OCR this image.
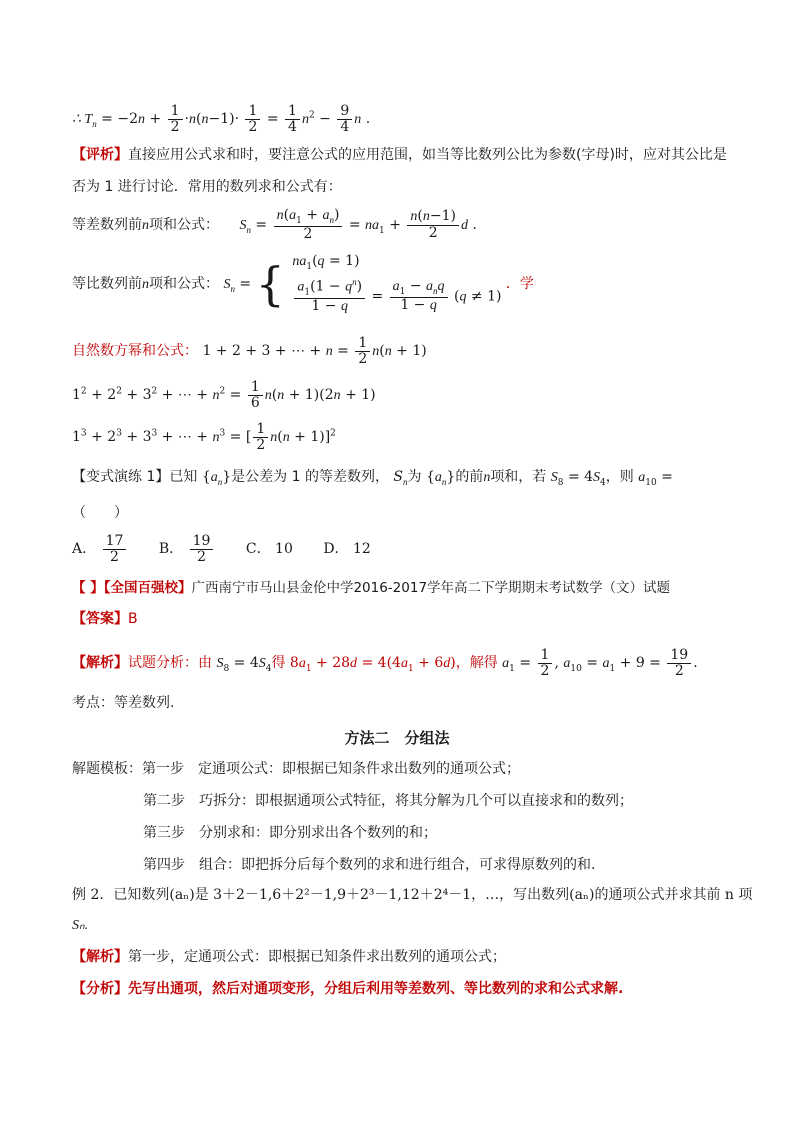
∴ $T_n = -2n + \frac{1}{2} \cdot n(n-1)\cdot \frac{1}{2} = \frac{1}{4} n^2 - \frac{9}{4}$ n .
【评析】直接应用公式求和时，要注意公式的应用范围，如当等比数列公比为参数(字母)时，应对其公比是
否为 1 进行讨论．常用的数列求和公式有：
等差数列前n项和公式： $S_n = \frac{n(a_1 + a_n)}{2} = na_1 + \frac{n(n-1)}{2}$ d ．
等比数列前n项和公式： $S_n$ = { $na_1(q = 1)$
$\frac{a_1(1 - q^n)}{1 - q} = \frac{a_1 - a_nq}{1 - q} (q \ne 1)$
．学
自然数方幂和公式： 1 + 2 + 3 + ⋯ + $n = \frac{1}{2} n(n + 1)$
$1^2 + 2^2 + 3^2$ + ⋯ + $n^2 = \frac{1}{6} n(n + 1)(2n + 1)$
$1^3 + 2^3 + 3^3$ + ⋯ + $n^3$ = [ $\frac{1}{2} n(n + 1)]^2$
【变式演练 1】已知 $\{a_n\}$是公差为 1 的等差数列， $S_n$为 $\{a_n\}$的前n项和，若 $S_8 = 4S_4$，则 $a_{10}$ =
（　　）
A． $\frac{17}{2}$ B． $\frac{19}{2}$ C． 10 D． 12
【 】【全国百强校】广西南宁市马山县金伦中学2016-2017学年高二下学期期末考试数学（文）试题
【答案】B
【解析】试题分析：由 $S_8 = 4S_4$得 $8a_1 + 28d = 4(4a_1 + 6d)$，解得 $a_1 = \frac{1}{2}$ , $a_{10} = a_1 + 9 = \frac{19}{2}$ .
考点：等差数列.
方法二　分组法
解题模板：第一步　定通项公式：即根据已知条件求出数列的通项公式；
第二步　巧拆分：即根据通项公式特征，将其分解为几个可以直接求和的数列；
第三步　分别求和：即分别求出各个数列的和；
第四步　组合：即把拆分后每个数列的求和进行组合，可求得原数列的和.
例 2．已知数列(aₙ)是 3＋2－1,6＋2²－1,9＋2³－1,12＋2⁴－1，…，写出数列(aₙ)的通项公式并求其前 n 项
Sₙ.
【解析】第一步，定通项公式：即根据已知条件求出数列的通项公式；
【分析】先写出通项，然后对通项变形，分组后利用等差数列、等比数列的求和公式求解.
